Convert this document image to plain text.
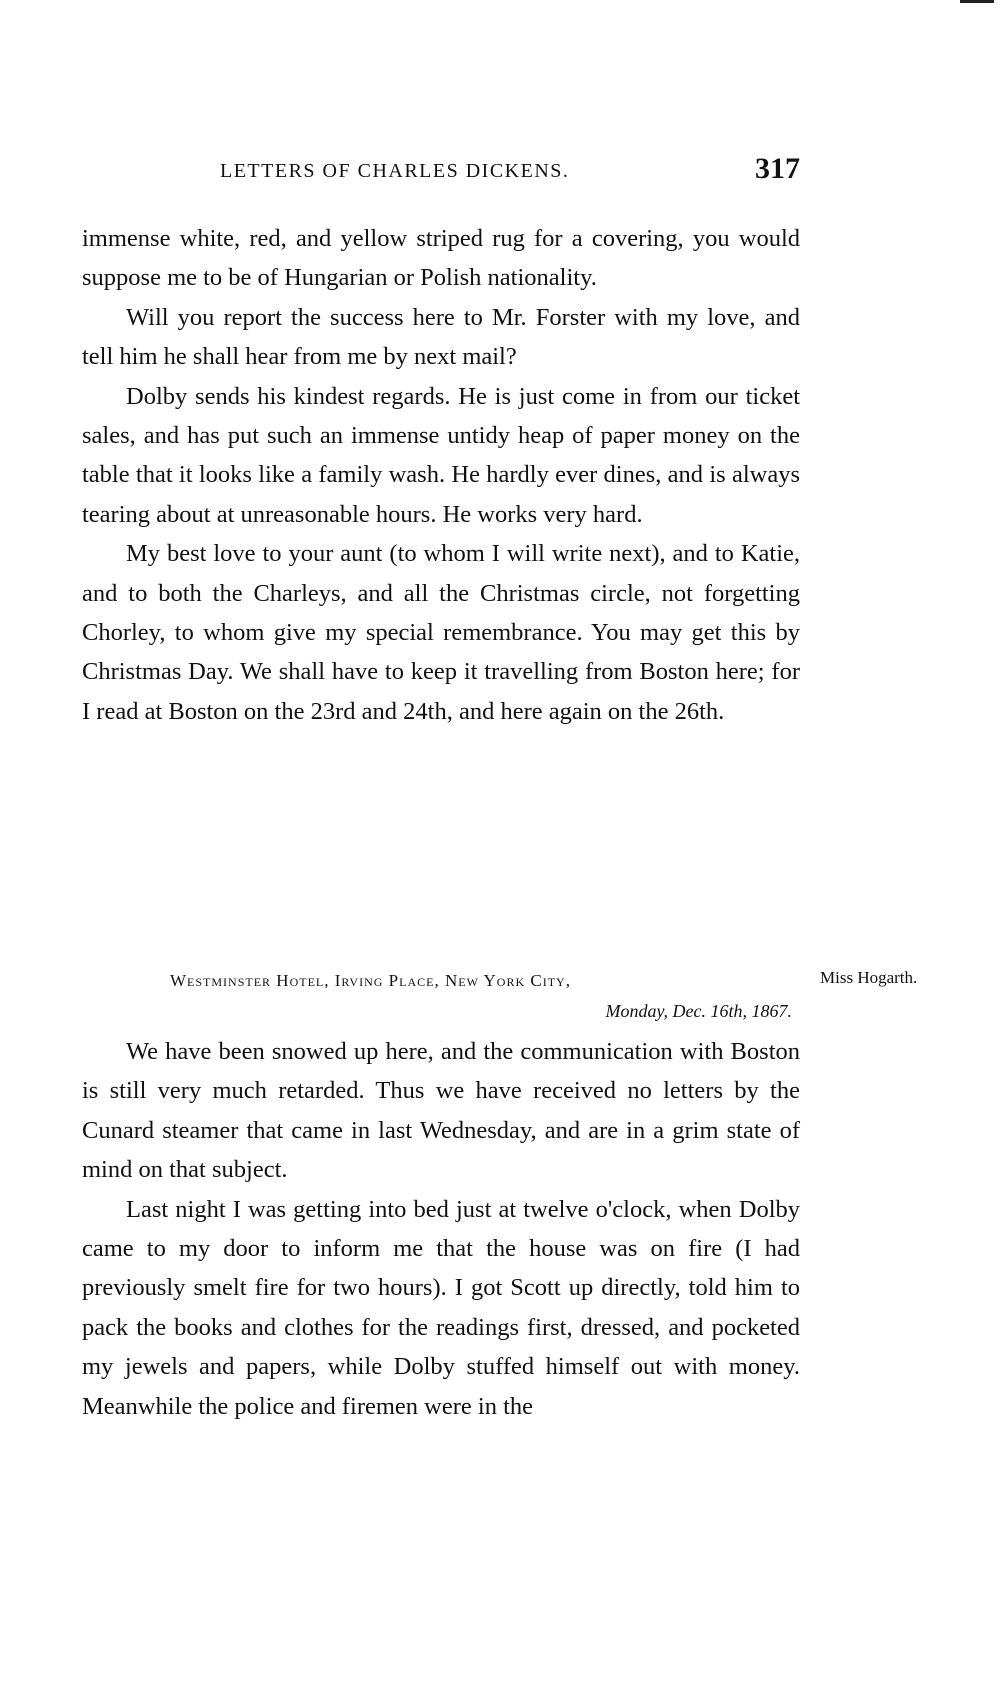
LETTERS OF CHARLES DICKENS.	317

immense white, red, and yellow striped rug for a covering, you would suppose me to be of Hungarian or Polish nationality.

Will you report the success here to Mr. Forster with my love, and tell him he shall hear from me by next mail?

Dolby sends his kindest regards. He is just come in from our ticket sales, and has put such an immense untidy heap of paper money on the table that it looks like a family wash. He hardly ever dines, and is always tearing about at unreasonable hours. He works very hard.

My best love to your aunt (to whom I will write next), and to Katie, and to both the Charleys, and all the Christmas circle, not forgetting Chorley, to whom give my special remembrance. You may get this by Christmas Day. We shall have to keep it travelling from Boston here; for I read at Boston on the 23rd and 24th, and here again on the 26th.

Westminster Hotel, Irving Place, New York City,
Monday, Dec. 16th, 1867.
Miss Hogarth.

We have been snowed up here, and the communication with Boston is still very much retarded. Thus we have received no letters by the Cunard steamer that came in last Wednesday, and are in a grim state of mind on that subject.

Last night I was getting into bed just at twelve o'clock, when Dolby came to my door to inform me that the house was on fire (I had previously smelt fire for two hours). I got Scott up directly, told him to pack the books and clothes for the readings first, dressed, and pocketed my jewels and papers, while Dolby stuffed himself out with money. Meanwhile the police and firemen were in the
